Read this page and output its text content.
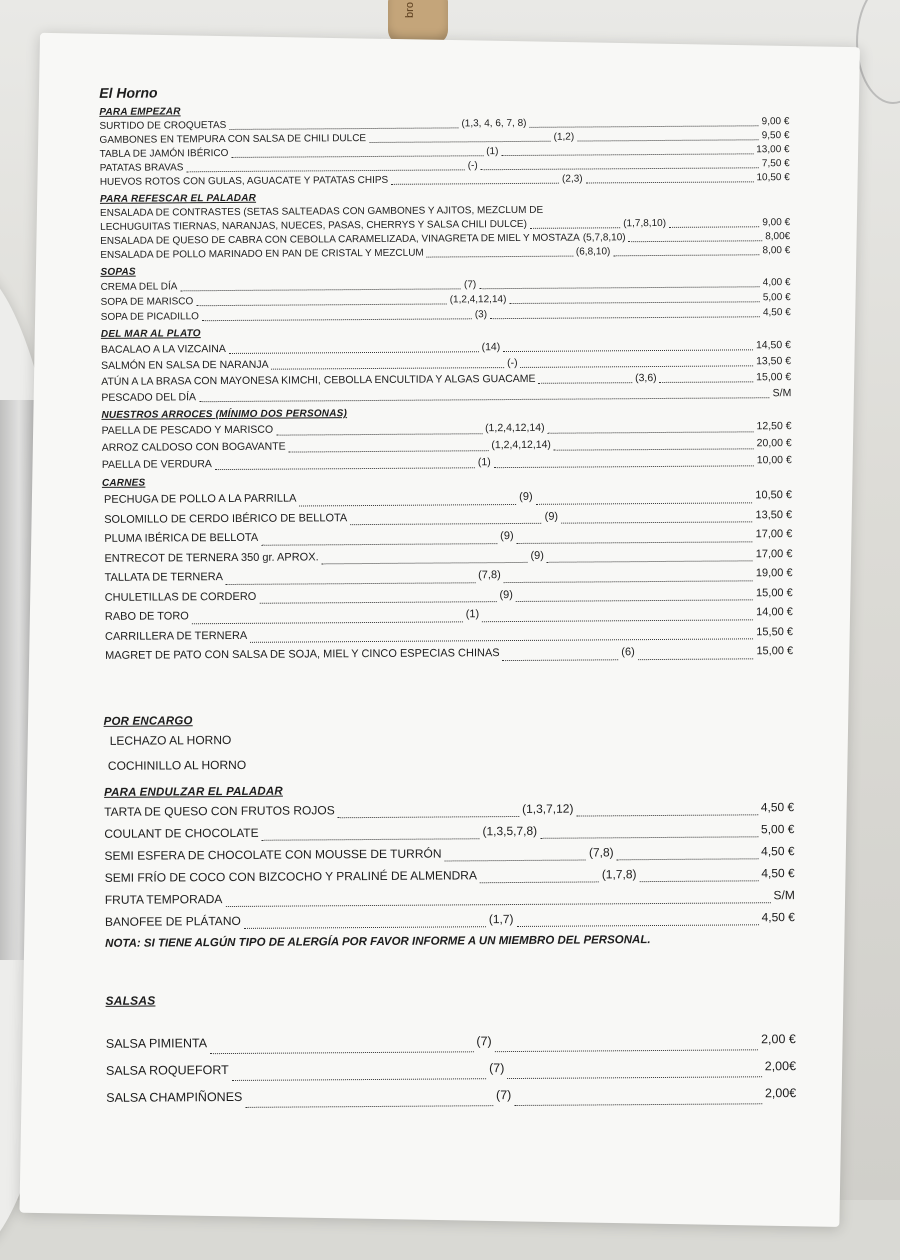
bro
El Horno
PARA EMPEZAR
SURTIDO DE CROQUETAS	(1,3, 4, 6, 7, 8)	9,00 €
GAMBONES EN TEMPURA CON SALSA DE CHILI DULCE	(1,2)	9,50 €
TABLA DE JAMÓN IBÉRICO	(1)	13,00 €
PATATAS BRAVAS	(-)	7,50 €
HUEVOS ROTOS CON GULAS, AGUACATE Y PATATAS CHIPS	(2,3)	10,50 €
PARA REFESCAR EL PALADAR
ENSALADA DE CONTRASTES (SETAS SALTEADAS CON GAMBONES Y AJITOS, MEZCLUM DE
LECHUGUITAS TIERNAS, NARANJAS, NUECES, PASAS, CHERRYS Y SALSA CHILI DULCE)	(1,7,8,10)	9,00 €
ENSALADA DE QUESO DE CABRA CON CEBOLLA CARAMELIZADA, VINAGRETA DE MIEL Y MOSTAZA (5,7,8,10)	8,00€
ENSALADA DE POLLO MARINADO EN PAN DE CRISTAL Y MEZCLUM	(6,8,10)	8,00 €
SOPAS
CREMA DEL DÍA	(7)	4,00 €
SOPA DE MARISCO	(1,2,4,12,14)	5,00 €
SOPA DE PICADILLO	(3)	4,50 €
DEL MAR AL PLATO
BACALAO A LA VIZCAINA	(14)	14,50 €
SALMÓN EN SALSA DE NARANJA	(-)	13,50 €
ATÚN A LA BRASA CON MAYONESA KIMCHI, CEBOLLA ENCULTIDA Y ALGAS GUACAME	(3,6)	15,00 €
PESCADO DEL DÍA	S/M
NUESTROS ARROCES (MÍNIMO DOS PERSONAS)
PAELLA DE PESCADO Y MARISCO	(1,2,4,12,14)	12,50 €
ARROZ CALDOSO CON BOGAVANTE	(1,2,4,12,14)	20,00 €
PAELLA DE VERDURA	(1)	10,00 €
CARNES
PECHUGA DE POLLO A LA PARRILLA	(9)	10,50 €
SOLOMILLO DE CERDO IBÉRICO DE BELLOTA	(9)	13,50 €
PLUMA IBÉRICA DE BELLOTA	(9)	17,00 €
ENTRECOT DE TERNERA 350 gr. APROX.	(9)	17,00 €
TALLATA DE TERNERA	(7,8)	19,00 €
CHULETILLAS DE CORDERO	(9)	15,00 €
RABO DE TORO	(1)	14,00 €
CARRILLERA DE TERNERA	15,50 €
MAGRET DE PATO CON SALSA DE SOJA, MIEL Y CINCO ESPECIAS CHINAS	(6)	15,00 €
POR ENCARGO
LECHAZO AL HORNO
COCHINILLO AL HORNO
PARA ENDULZAR EL PALADAR
TARTA DE QUESO CON FRUTOS ROJOS	(1,3,7,12)	4,50 €
COULANT DE CHOCOLATE	(1,3,5,7,8)	5,00 €
SEMI ESFERA DE CHOCOLATE CON MOUSSE DE TURRÓN	(7,8)	4,50 €
SEMI FRÍO DE COCO CON BIZCOCHO Y PRALINÉ DE ALMENDRA	(1,7,8)	4,50 €
FRUTA TEMPORADA	S/M
BANOFEE DE PLÁTANO	(1,7)	4,50 €
NOTA: SI TIENE ALGÚN TIPO DE ALERGÍA POR FAVOR INFORME A UN MIEMBRO DEL PERSONAL.
SALSAS
SALSA PIMIENTA	(7)	2,00 €
SALSA ROQUEFORT	(7)	2,00€
SALSA CHAMPIÑONES	(7)	2,00€
